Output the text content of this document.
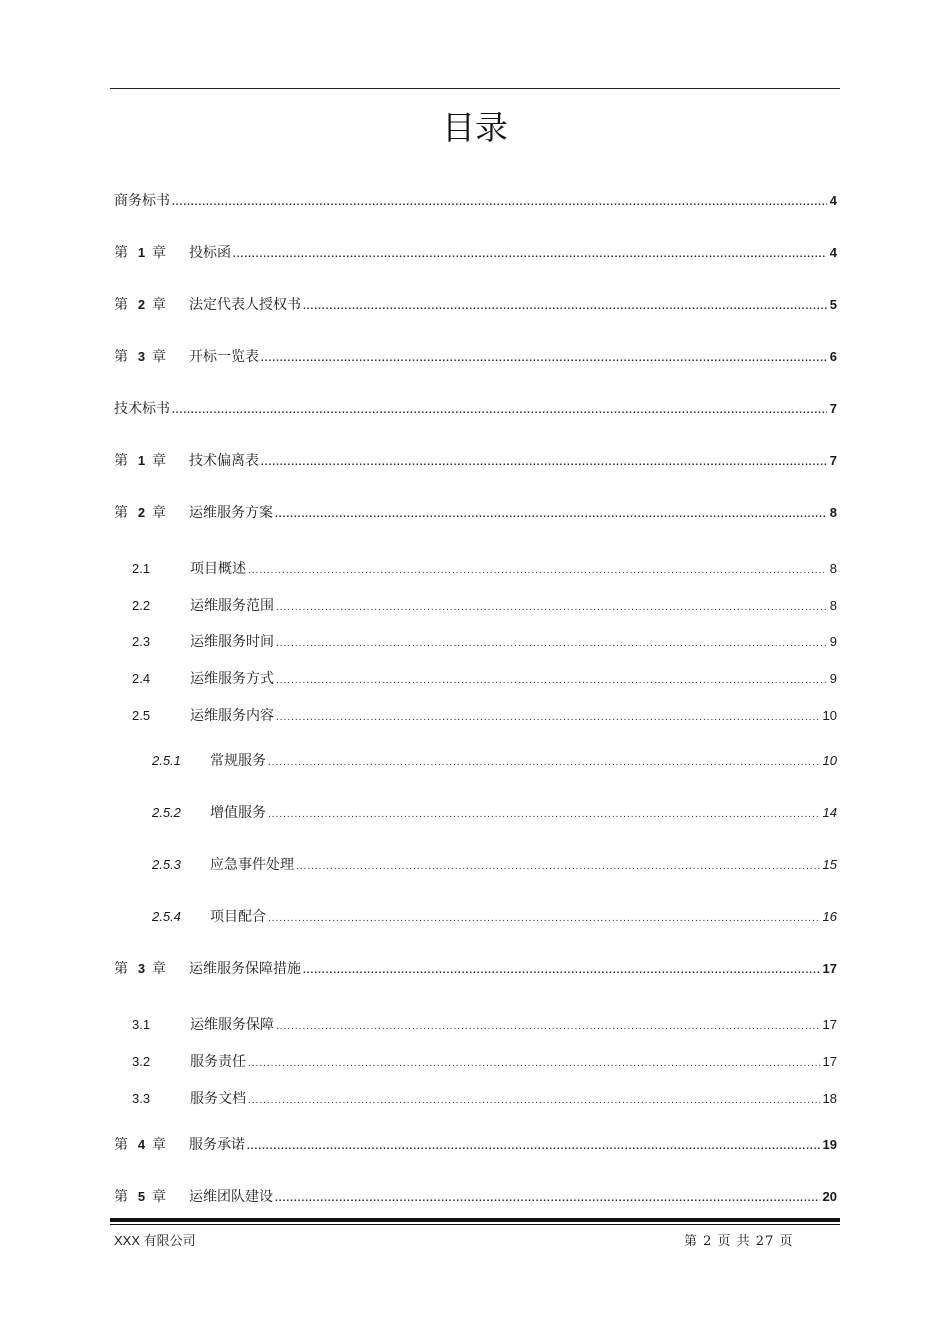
目录
商务标书 .....	4
第 1 章 投标函 .....	4
第 2 章 法定代表人授权书 .....	5
第 3 章 开标一览表 .....	6
技术标书 .....	7
第 1 章 技术偏离表 .....	7
第 2 章 运维服务方案 .....	8
2.1	项目概述 .....	8
2.2	运维服务范围 .....	8
2.3	运维服务时间 .....	9
2.4	运维服务方式 .....	9
2.5	运维服务内容 .....	10
2.5.1	常规服务 .....	10
2.5.2	增值服务 .....	14
2.5.3	应急事件处理 .....	15
2.5.4	项目配合 .....	16
第 3 章 运维服务保障措施 .....	17
3.1	运维服务保障 .....	17
3.2	服务责任 .....	17
3.3	服务文档 .....	18
第 4 章 服务承诺 .....	19
第 5 章 运维团队建设 .....	20
XXX 有限公司	第 2 页 共 27 页
